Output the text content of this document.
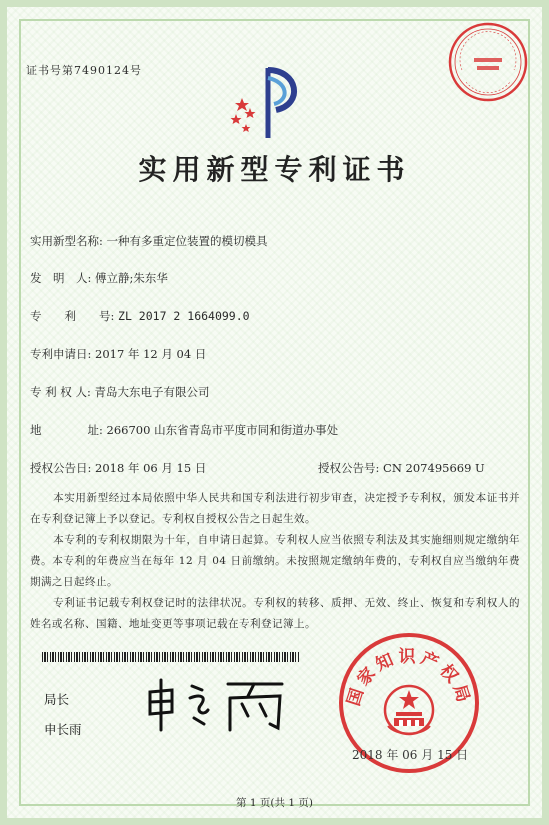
证书号第7490124号
实用新型专利证书
实用新型名称: 一种有多重定位装置的模切模具
发　明　人: 傅立静;朱东华
专　　利　　号: ZL 2017 2 1664099.0
专利申请日: 2017 年 12 月 04 日
专 利 权 人: 青岛大东电子有限公司
地　　　　址: 266700 山东省青岛市平度市同和街道办事处
授权公告日: 2018 年 06 月 15 日	授权公告号: CN 207495669 U
本实用新型经过本局依照中华人民共和国专利法进行初步审查，决定授予专利权，颁发本证书并在专利登记簿上予以登记。专利权自授权公告之日起生效。
本专利的专利权期限为十年，自申请日起算。专利权人应当依照专利法及其实施细则规定缴纳年费。本专利的年费应当在每年 12 月 04 日前缴纳。未按照规定缴纳年费的，专利权自应当缴纳年费期满之日起终止。
专利证书记载专利权登记时的法律状况。专利权的转移、质押、无效、终止、恢复和专利权人的姓名或名称、国籍、地址变更等事项记载在专利登记簿上。
局长
申长雨
国家知识产权局
2018 年 06 月 15 日
第 1 页(共 1 页)
